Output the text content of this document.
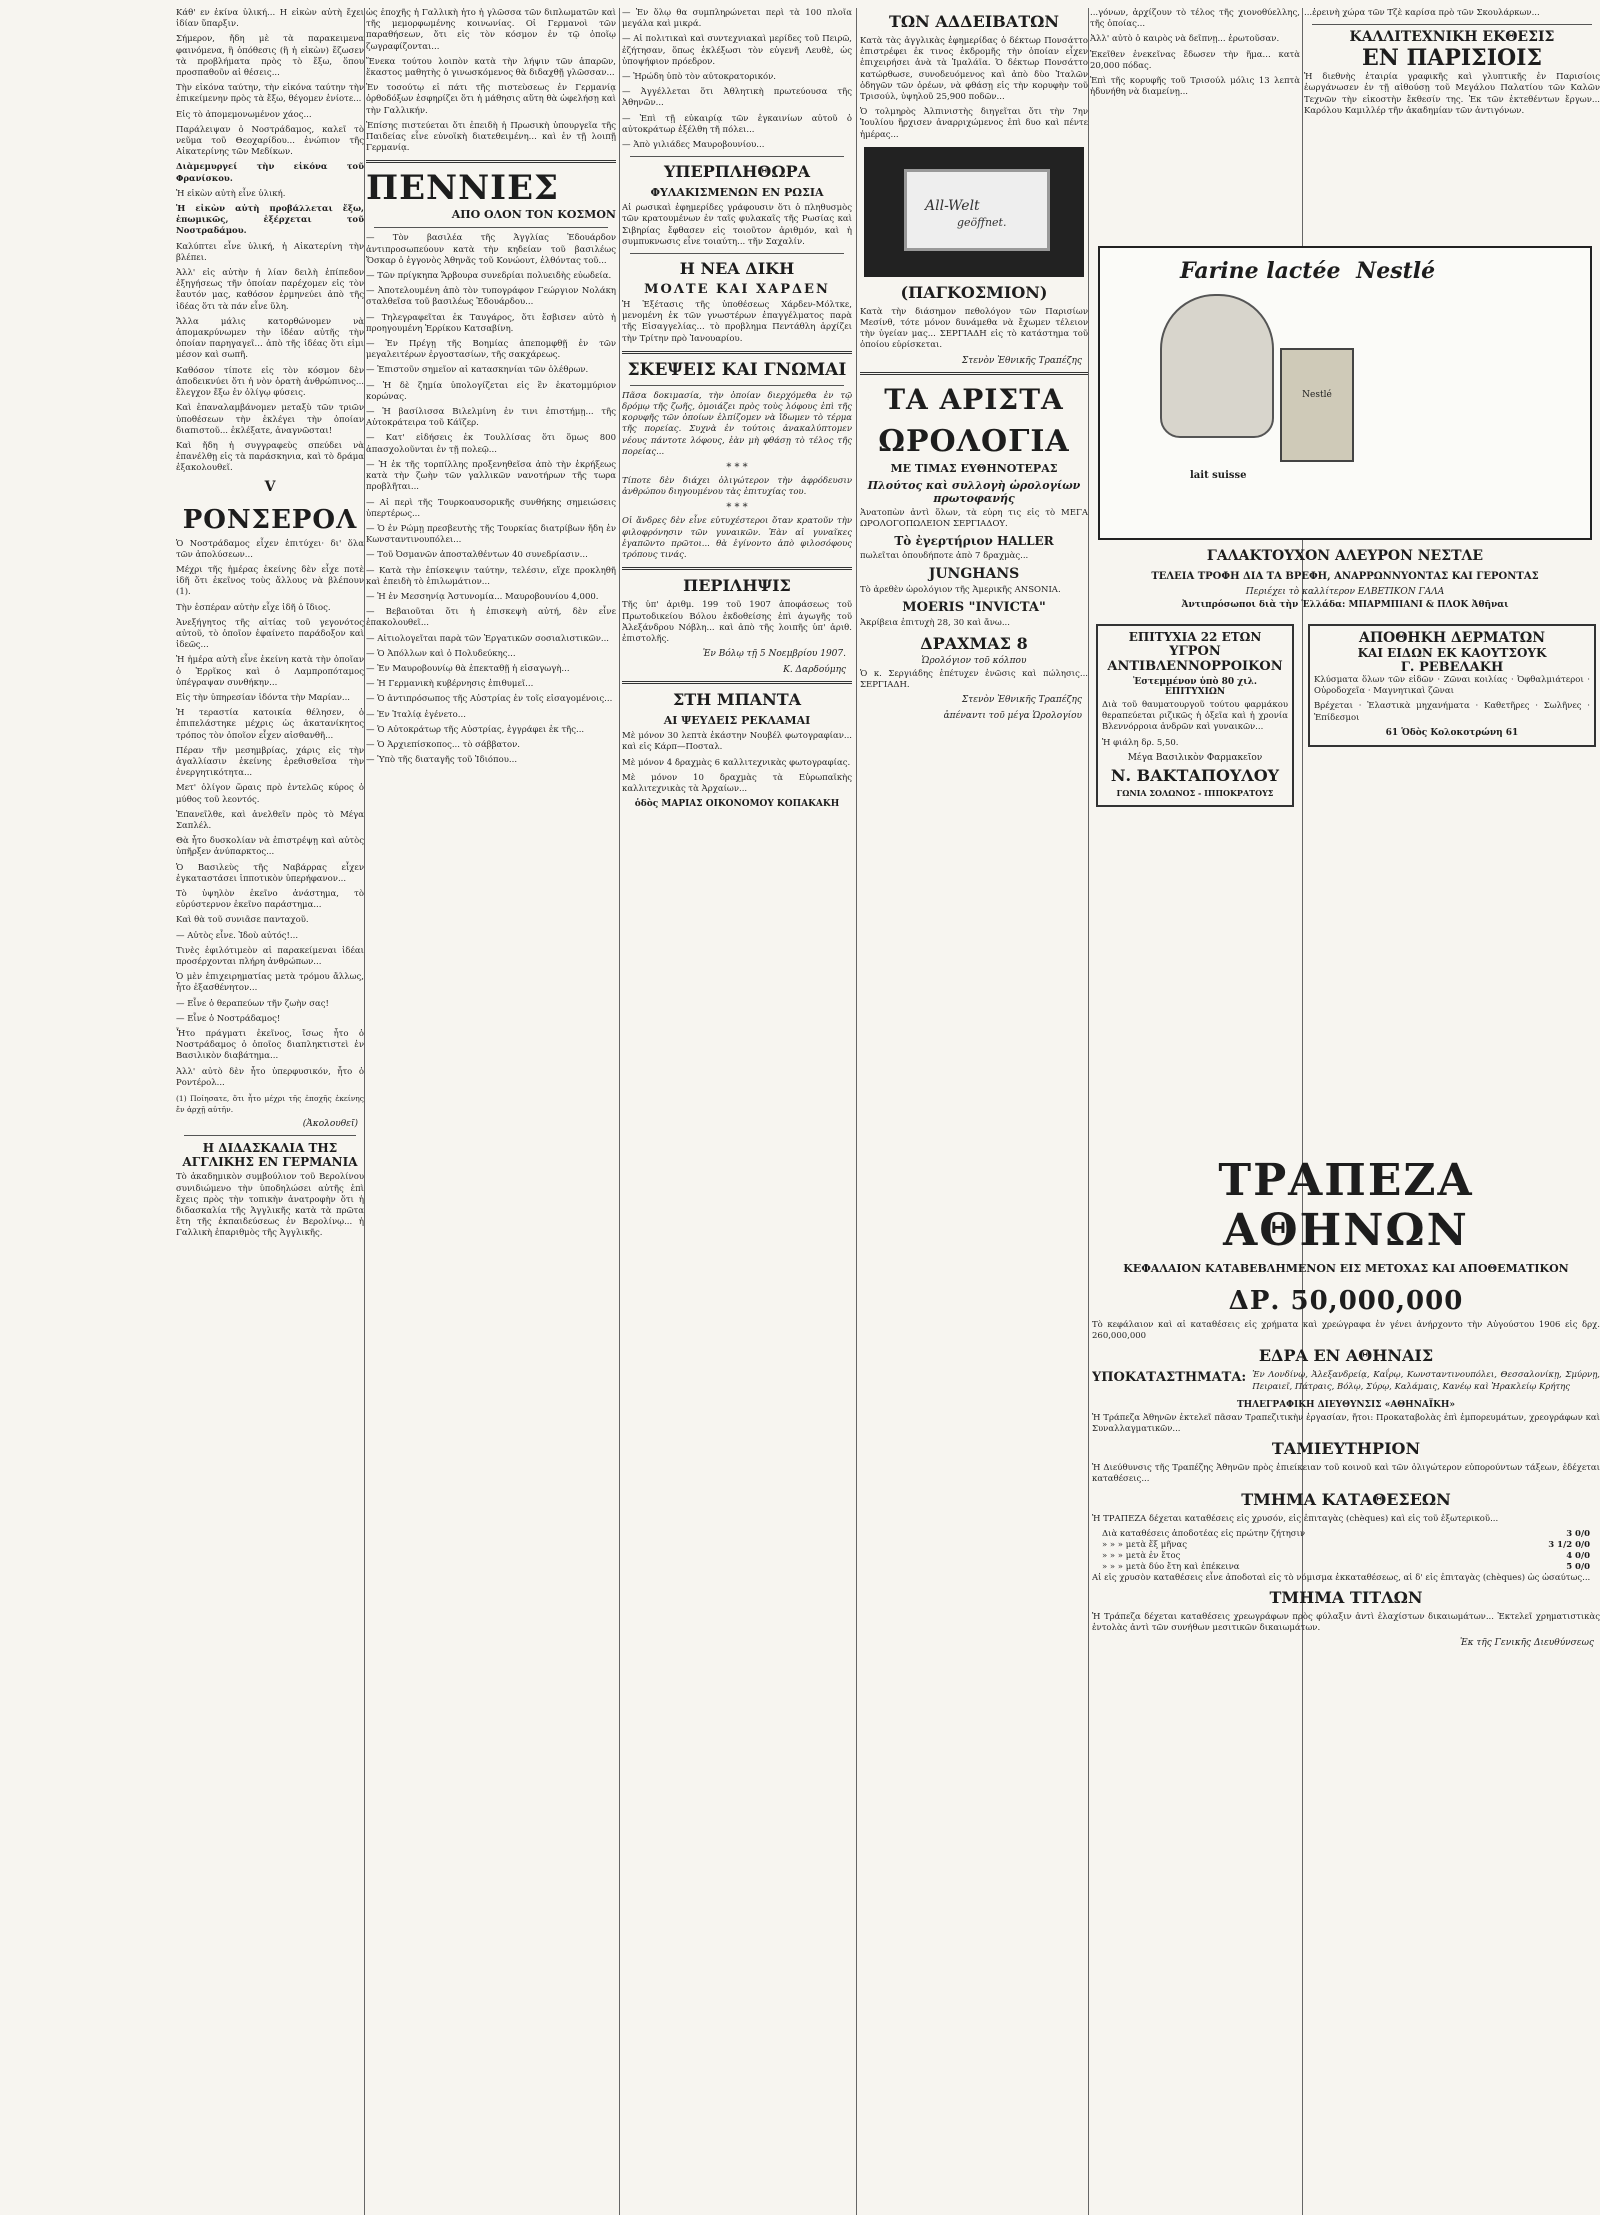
Κάθ' εν ἐκίνα ὑλική... Η εἰκὼν αὐτὴ ἔχει ἰδίαν ὕπαρξιν.

Σήμερον, ἤδη μὲ τὰ παρακειμενα φαινόμενα, ἢ ὁπόθεσις (ἢ ἡ εἰκὼν) ἔζωσεν τὰ προβλήματα πρὸς τὸ ἔξω, ὅπου προσπαθοῦν αἱ θέσεις...

Τὴν εἰκόνα ταύτην, τὴν εἰκόνα ταύτην τὴν ἐπικείμενην πρὸς τὰ ἔξω, θέγομεν ἐνίοτε...

Εἰς τὸ ἀπομεμονωμένον χάος...

Παράλειψαν ὁ Νοστράδαμος, καλεῖ τὸ νεῦμα τοῦ Θεοχαρίδου... ἐνώπιον τῆς Αἰκατερίνης τῶν Μεδίκων.

Διὰμεμυργεί τὴν εἰκόνα τοῦ Φρανίσκου.

Ἡ εἰκὼν αὐτὴ εἶνε ὑλική.

Ἡ εἰκὼν αὐτὴ προβάλλεται ἔξω, ἐπωμικῶς, ἐξέρχεται τοῦ Νοστραδάμου.

Καλύπτει εἶνε ὑλική, ἡ Αἰκατερίνη τὴν βλέπει.

Ἀλλ' εἰς αὐτὴν ἡ λίαν δειλὴ ἐπίπεδον ἐξηγήσεως τῆν ὁποίαν παρέχομεν εἰς τὸν ἔαυτόν μας, καθόσον ἐρμηνεύει ἀπὸ τῆς ἰδέας ὅτι τὰ πάν εἶνε ὕλη.

Ἄλλα μάλις κατορθώνομεν νὰ ἀπομακρύνωμεν τὴν ἰδέαν αὐτῆς τὴν ὁποίαν παρηγαγεῖ... ἀπὸ τῆς ἰδέας ὅτι εἰμι μέσον καὶ σωπῆ.

Καθόσον τίποτε εἰς τὸν κόσμον δὲν ἀποδεικνύει ὅτι ἡ νὸν ὁρατὴ ἀνθρώπινος... ἔλεγχον ἔξω ἐν ὁλίγῳ φύσεις.

Καὶ ἐπαναλαμβάνομεν μεταξὺ τῶν τριῶν ὑποθέσεων τὴν ἑκλέγει τὴν ὁποίαν διαπιστοῦ... ἐκλέξατε, ἀναγνῶσται!

Καὶ ἤδη ἡ συγγραφεὺς σπεύδει νὰ ἐπανέλθῃ εἰς τὰ παράσκηνια, καὶ τὸ δράμα ἐξακολουθεῖ.

V
ΡΟΝΣΕΡΟΛ

Ὁ Νοστράδαμος εἶχεν ἐπιτύχει· δι' ὅλα τῶν ἀπολύσεων...

Μέχρι τῆς ἡμέρας ἐκείνης δὲν εἶχε ποτὲ ἰδῆ ὅτι ἐκεῖνος τοὺς ἄλλους νὰ βλέπουν (1).

Τὴν ἑσπέραν αὐτὴν εἶχε ἰδῆ ὁ ἴδιος.

Ἀνεξήγητος τῆς αἰτίας τοῦ γεγονότος αὐτοῦ, τὸ ὁποῖον ἐφαίνετο παράδοξον καὶ ἰδεῶς...

Ἡ ἡμέρα αὐτὴ εἶνε ἐκείνη κατὰ τὴν ὁποῖαν ὁ Ἑρρῖκος καὶ ὁ Λαμπροπόταμος ὑπέγραψαν συνθήκην...

Εἰς τὴν ὑπηρεσίαν ἰδόντα τὴν Μαρίαν...

Ἡ τεραστία κατοικία θέλησεν, ὁ ἐπιπελάστηκε μέχρις ὡς ἀκατανίκητος τρόπος τὸν ὁποῖον εἶχεν αἰσθανθῆ...

Πέραν τῆν μεσημβρίας, χάρις εἰς τὴν ἀγαλλίασιν ἐκείνης ἐρεθισθεῖσα τὴν ἐνεργητικότητα...

Μετ' ὀλίγον ὥραις πρὸ ἐντελῶς κύρος ὁ μύθος τοῦ λεοντός.

Ἐπανεῖλθε, καὶ ἀνελθεῖν πρὸς τὸ Μέγα Σαπλέλ.

Θὰ ἦτο δυσκολίαν νὰ ἐπιστρέψῃ καὶ αὐτὸς ὑπῆρξεν ἀνύπαρκτος...

Ὁ Βασιλεὺς τῆς Ναβάρρας εἶχεν ἐγκαταστάσει ἰπποτικὸν ὑπερήφανον...

Τὸ ὑψηλὸν ἐκεῖνο ἀνάστημα, τὸ εὐρύστερνον ἐκεῖνο παράστημα...

Καὶ θὰ τοῦ συνιᾶσε πανταχοῦ.

— Αὐτὸς εἶνε. Ἰδοὺ αὐτός!...

Τινὲς ἐφιλότιμεὸν αἱ παρακείμεναι ἰδέαι προσέρχονται πλήρη ἀνθρώπων...

Ὁ μὲν ἐπιχειρηματίας μετὰ τρόμου ἄλλως, ἦτο ἐξασθένητον...

— Εἶνε ὁ θεραπεύων τῆν ζωὴν σας!

— Εἶνε ὁ Νοστράδαμος!

Ἦτο πράγματι ἐκεῖνος, ἴσως ἦτο ὁ Νοστράδαμος ὁ ὁποῖος διαπληκτιστεὶ ἐν Βασιλικὸν διαβάτημα...

Ἀλλ' αὐτὸ δὲν ἦτο ὑπερφυσικόν, ἦτο ὁ Ροντέρολ...

(1) Ποίησατε, ὅτι ἦτο μέχρι τῆς ἐποχῆς ἐκείνης ἔν ἀρχῇ αὐτῆν.

(Ἀκολουθεῖ)
Η ΔΙΔΑΣΚΑΛΙΑ ΤΗΣ ΑΓΓΛΙΚΗΣ ΕΝ ΓΕΡΜΑΝΙΑ

Τὸ ἀκαδημικὸν συμβούλιον τοῦ Βερολίνου συνιδιώμενο τὴν ὑποδηλώσει αὐτῆς ἐπὶ ἔχεις πρὸς τὴν τοπικὴν ἀνατροφὴν ὅτι ἡ διδασκαλία τῆς Ἀγγλικῆς κατὰ τὰ πρῶτα ἔτη τῆς ἐκπαιδεύσεως ἐν Βερολίνῳ... ἡ Γαλλικὴ ἐπαριθμὸς τῆς Ἀγγλικῆς.

ὡς ἐποχῆς ἡ Γαλλικὴ ἦτο ἡ γλῶσσα τῶν διπλωματῶν καὶ τῆς μεμορφωμένης κοινωνίας. Οἱ Γερμανοὶ τῶν παραθήσεων, ὅτι εἰς τὸν κόσμον ἐν τῷ ὁποῖῳ ζωγραφίζονται...

Ἕνεκα τούτου λοιπὸν κατὰ τὴν λήψιν τῶν ἀπαρῶν, ἕκαστος μαθητὴς ὁ γινωσκόμενος θὰ διδαχθῇ γλῶσσαν...

Ἐν τοσούτῳ εἰ πάτι τῆς πιστεὺσεως ἐν Γερμανίᾳ ὀρθοδόξων ἐσφηρίζει ὅτι ἡ μάθησις αὕτη θὰ ὠφελήσῃ καὶ τὴν Γαλλικήν.

Ἐπίσης πιστεύεται ὅτι ἐπειδὴ ἡ Πρωσικὴ ὑπουργεῖα τῆς Παιδείας εἶνε εὐνοϊκὴ διατεθειμένη... καὶ ἐν τῇ λοιπῇ Γερμανίᾳ.

ΠΕΝΝΙΕΣ
ΑΠΟ ΟΛΟΝ ΤΟΝ ΚΟΣΜΟΝ

— Τὸν βασιλέα τῆς Ἀγγλίας Ἐδουάρδον ἀντιπροσωπεύουν κατὰ τὴν κηδείαν τοῦ βασιλέως Ὄσκαρ ὁ ἐγγονὸς Ἀθηνᾶς τοῦ Κονώουτ, ἐλθόντας τοῦ...

— Τῶν πρίγκηπα Ἄρβουρα συνεδρίαι πολυειδὴς εὐωδεία.

— Ἀποτελουμένη ἀπὸ τὸν τυπογράφον Γεώργιον Νολάκη σταλθεῖσα τοῦ βασιλέως Ἐδουάρδου...

— Τηλεγραφεῖται ἐκ Ταυγάρος, ὅτι ἔσβισεν αὐτὸ ἡ προηγουμένη Ἑρρίκου Κατσαβίνη.

— Ἐν Πρέγῃ τῆς Βοημίας ἀπεπομφθῇ ἐν τῶν μεγαλειτέρων ἐργοστασίων, τῆς σακχάρεως.

— Ἐπιστοῦν σημεῖον αἱ κατασκηνίαι τῶν ὁλέθρων.

— Ἡ δὲ ζημία ὑπολογίζεται εἰς ἓν ἑκατομμύριον κορώνας.

— Ἡ βασίλισσα Βιλελμίνη ἐν τινι ἐπιστήμῃ... τῆς Αὐτοκράτειρα τοῦ Κάϊζερ.

— Κατ' εἰδήσεις ἐκ Τουλλίσας ὅτι ὅμως 800 ἀπασχολοῦνται ἐν τῇ πολεῷ...

— Ἡ ἐκ τῆς τορπίλλης προξενηθεῖσα ἀπὸ τὴν ἐκρήξεως κατὰ τὴν ζωὴν τῶν γαλλικῶν νανοτήρων τῆς τωρα προβλῆται...

— Αἱ περὶ τῆς Τουρκοαυσορικῆς συνθήκης σημειώσεις ὑπερτέρως...

— Ὁ ἐν Ρώμῃ πρεσβευτὴς τῆς Τουρκίας διατρίβων ἤδη ἐν Κωνσταντινουπόλει...

— Τοῦ Ὀσμανῶν ἀποσταλθέντων 40 συνεδρίασιν...

— Κατὰ τὴν ἐπίσκεψιν ταύτην, τελέσιν, εἴχε προκληθῆ καὶ ἐπειδὴ τὸ ἐπιλωμάτιον...

— Ἡ ἐν Μεσσηνίᾳ Ἀστυνομία... Μαυροβουνίου 4,000.

— Βεβαιοῦται ὅτι ἡ ἐπισκεψὴ αὐτή, δὲν εἶνε ἑπακολουθεῖ...

— Αἰτιολογεῖται παρὰ τῶν Ἐργατικῶν σοσιαλιστικῶν...

— Ὁ Ἀπόλλων καὶ ὁ Πολυδεύκης...

— Ἐν Μαυροβουνίῳ θὰ ἐπεκταθῇ ἡ εἰσαγωγὴ...

— Ἡ Γερμανικὴ κυβέρνησις ἐπιθυμεῖ...

— Ὁ ἀντιπρόσωπος τῆς Αὐστρίας ἐν τοῖς εἰσαγομένοις...

— Ἐν Ἰταλίᾳ ἐγένετο...

— Ὁ Αὐτοκράτωρ τῆς Αὐστρίας, ἐγγράφει ἐκ τῆς...

— Ὁ Ἀρχιεπίσκοπος... τὸ σάββατον.

— Ὑπὸ τῆς διαταγῆς τοῦ Ἰδιόπου...

— Ἐν ὅλῳ θα συμπληρώνεται περὶ τὰ 100 πλοῖα μεγάλα καὶ μικρά.

— Αἱ πολιτικαὶ καὶ συντεχνιακαὶ μερίδες τοῦ Πειρῶ, ἐζήτησαν, ὅπως ἐκλέξωσι τὸν εὐγενῆ Λευθὲ, ὡς ὑποψήφιον πρόεδρον.

— Ἠρώδη ὑπὸ τὸν αὐτοκρατορικόν.

— Ἀγγέλλεται ὅτι Ἀθλητικὴ πρωτεύουσα τῆς Ἀθηνῶν...

— Ἐπὶ τῇ εὐκαιρίᾳ τῶν ἐγκαινίων αὐτοῦ ὁ αὐτοκράτωρ ἐξέλθη τῆ πόλει...

— Ἀπὸ γιλιάδες Μαυροβουνίου...

ΥΠΕΡΠΛΗΘΩΡΑ
ΦΥΛΑΚΙΣΜΕΝΩΝ ΕΝ ΡΩΣΙΑ

Αἱ ρωσικαὶ ἐφημερίδες γράφουσιν ὅτι ὁ πληθυσμὸς τῶν κρατουμένων ἐν ταῖς φυλακαῖς τῆς Ρωσίας καὶ Σιβηρίας ἔφθασεν εἰς τοιοῦτον ἀριθμόν, καὶ ἡ συμπυκνωσις εἶνε τοιαύτη... τῆν Σαχαλίν.

Η ΝΕΑ ΔΙΚΗ
ΜΟΛΤΕ ΚΑΙ ΧΑΡΔΕΝ

Ἡ Ἐξέτασις τῆς ὑποθέσεως Χάρδεν-Μόλτκε, μενομένη ἐκ τῶν γνωστέρων ἐπαγγέλματος παρὰ τῆς Εἰσαγγελίας... τὸ προβλημα Πεντάθλη ἀρχίζει τὴν Τρίτην πρὸ Ἰανουαρίου.

ΣΚΕΨΕΙΣ ΚΑΙ ΓΝΩΜΑΙ

Πᾶσα δοκιμασία, τὴν ὁποίαν διερχόμεθα ἐν τῷ δρόμῳ τῆς ζωῆς, ὁμοιάζει πρὸς τοὺς λόφους ἐπὶ τῆς κορυφῆς τῶν ὁποίων ἐλπίζομεν νὰ ἴδωμεν τὸ τέρμα τῆς πορείας. Συχνὰ ἐν τούτοις ἀνακαλύπτομεν νέους πάντοτε λόφους, ἐὰν μὴ φθάσῃ τὸ τέλος τῆς πορείας...

* * *

Τίποτε δὲν διάχει ὀλιγώτερον τὴν ἀφρόδευσιν ἀνθρώπου διηγουμένου τὰς ἐπιτυχίας του.

* * *

Οἱ ἄνδρες δὲν εἶνε εὐτυχέστεροι ὅταν κρατοῦν τὴν φιλοφρόνησιν τῶν γυναικῶν. Ἐὰν αἱ γυναῖκες ἐγαπῶντο πρῶτοι... θὰ ἐγίνοντο ἀπὸ φιλοσόφους τρόπους τινάς.

ΠΕΡΙΛΗΨΙΣ

Τῆς ὑπ' ἀριθμ. 199 τοῦ 1907 ἀποφάσεως τοῦ Πρωτοδικείου Βόλου ἐκδοθείσης ἐπὶ ἀγωγῆς τοῦ Ἀλεξάνδρου Νόβλη... καὶ ἀπὸ τῆς λοιπῆς ὑπ' ἀριθ. ἐπιστολῆς.

Ἐν Βόλῳ τῇ 5 Νοεμβρίου 1907.
Κ. Δαρδούμης
ΣΤΗ ΜΠΑΝΤΑ
ΑΙ ΨΕΥΔΕΙΣ ΡΕΚΛΑΜΑΙ

Μὲ μόνον 30 λεπτὰ ἑκάστην Νουβέλ φωτογραφίαν... καὶ εἰς Κάρπ—Ποσταλ.

Μὲ μόνον 4 δραχμὰς 6 καλλιτεχνικὰς φωτογραφίας.

Μὲ μόνον 10 δραχμὰς τὰ Εὐρωπαϊκὴς καλλιτεχνικὰς τὰ Ἀρχαίων...

ὁδὸς ΜΑΡΙΑΣ ΟΙΚΟΝΟΜΟΥ ΚΟΠΑΚΑΚΗ
ΤΩΝ ΑΔΔΕΙΒΑΤΩΝ

Κατὰ τὰς ἀγγλικὰς ἐφημερίδας ὁ δέκτωρ Πονσάττο ἐπιστρέφει ἐκ τινος ἐκδρομῆς τὴν ὁποίαν εἶχεν ἐπιχειρήσει ἀνὰ τὰ Ἱμαλάϊα. Ὁ δέκτωρ Πονσάττο κατώρθωσε, συνοδευόμενος καὶ ἀπὸ δὺο Ἰταλῶν ὁδηγῶν τῶν ὀρέων, νὰ φθάσῃ εἰς τὴν κορυφὴν τοῦ Τρισούλ, ὑψηλοῦ 25,900 ποδῶν...

Ὁ τολμηρὸς Ἀλπινιστὴς διηγεῖται ὅτι τὴν 7ην Ἰουλίου ἤρχισεν ἀναρριχώμενος ἐπὶ δυο καὶ πέντε ἡμέρας...

All-Welt
geöffnet.
(ΠΑΓΚΟΣΜΙΟΝ)

Κατὰ τὴν διάσημον πεθολόγον τῶν Παρισίων Μεσίνθ, τότε μόνον δυνάμεθα νὰ ἔχωμεν τέλειον τὴν ὑγείαν μας... ΣΕΡΓΙΑΔΗ εἰς τὸ κατάστημα τοῦ ὁποίου εὑρίσκεται.

Στενὸν Ἐθνικῆς Τραπέζης
ΤΑ ΑΡΙΣΤΑ
ΩΡΟΛΟΓΙΑ
ΜΕ ΤΙΜΑΣ ΕΥΘΗΝΟΤΕΡΑΣ
Πλούτος καὶ συλλογὴ ὡρολογίων πρωτοφανής

Ἀνατοπὼν ἀντὶ ὅλων, τὰ εὐρη τις εἰς τὸ ΜΕΓΑ ΩΡΟΛΟΓΟΠΩΛΕΙΟΝ ΣΕΡΓΙΑΔΟΥ.

Τὸ ἐγερτήριον HALLER

πωλεῖται ὁπουδήποτε ἀπὸ 7 δραχμὰς...

JUNGHANS

Τὸ ἀρεθὲν ὡρολόγιον τῆς Ἀμερικῆς ANSONIA.

MOERIS "INVICTA"

Ἀκρίβεια ἐπιτυχὴ 28, 30 καὶ ἄνω...

ΔΡΑΧΜΑΣ 8
Ὡρολόγιον τοῦ κόλπου

Ὁ κ. Σεργιάδης ἐπέτυχεν ἐνῶσις καὶ πώλησις... ΣΕΡΓΙΑΔΗ.

Στενὸν Ἐθνικῆς Τραπέζης
ἀπέναντι τοῦ μέγα Ὡρολογίου

...γόνων, ἀρχίζουν τὸ τέλος τῆς χιονοθύελλης, τῆς ὁποίας...

Ἀλλ' αὐτὸ ὁ καιρὸς νὰ δεῖπνῃ... ἐρωτοῦσαν.

Ἐκεῖθεν ἐνεκεῖνας ἔδωσεν τὴν ἥμα... κατὰ 20,000 πόδας.

Ἐπὶ τῆς κορυφῆς τοῦ Τρισούλ μόλις 13 λεπτὰ ἠδυνήθη νὰ διαμείνῃ...

Farine lactée Nestlé
Nestlé
lait suisse
ΓΑΛΑΚΤΟΥΧΟΝ ΑΛΕΥΡΟΝ ΝΕΣΤΛΕ
ΤΕΛΕΙΑ ΤΡΟΦΗ ΔΙΑ ΤΑ ΒΡΕΦΗ, ΑΝΑΡΡΩΝΝΥΟΝΤΑΣ ΚΑΙ ΓΕΡΟΝΤΑΣ
Περιέχει τὸ καλλίτερον ΕΛΒΕΤΙΚΟΝ ΓΑΛΑ
Ἀντιπρόσωποι διὰ τὴν Ἑλλάδα: ΜΠΑΡΜΠΙΑΝΙ & ΠΛΟΚ Ἀθῆναι
ΕΠΙΤΥΧΙΑ 22 ΕΤΩΝ
ΥΓΡΟΝ ΑΝΤΙΒΛΕΝΝΟΡΡΟΙΚΟΝ
Ἐστεμμένον ὑπὸ 80 χιλ. ΕΠΙΤΥΧΙΩΝ

Διὰ τοῦ θαυματουργοῦ τούτου φαρμάκου θεραπεύεται ριζικῶς ἡ ὀξεῖα καὶ ἡ χρονία Βλεννόρροια ἀνδρῶν καὶ γυναικῶν...

Ἡ φιάλη δρ. 5,50.

Μέγα Βασιλικὸν Φαρμακεῖον
Ν. ΒΑΚΤΑΠΟΥΛΟΥ
ΓΩΝΙΑ ΣΟΛΩΝΟΣ - ΙΠΠΟΚΡΑΤΟΥΣ

...ἐρεινὴ χώρα τῶν Τζὲ καρίσα πρὸ τῶν Σκουλάρκων...

ΚΑΛΛΙΤΕΧΝΙΚΗ ΕΚΘΕΣΙΣ
ΕΝ ΠΑΡΙΣΙΟΙΣ

Ἡ διεθνὴς ἑταιρία γραφικῆς καὶ γλυπτικῆς ἐν Παρισίοις ἐωργάνωσεν ἐν τῇ αἰθούσῃ τοῦ Μεγάλου Παλατίου τῶν Καλῶν Τεχνῶν τὴν εἰκοστὴν ἔκθεσίν της. Ἐκ τῶν ἐκτεθέντων ἔργων... Καρόλου Καμιλλέρ τῆν ἀκαδημίαν τῶν ἀντιγόνων.

ΑΠΟΘΗΚΗ ΔΕΡΜΑΤΩΝ
ΚΑΙ ΕΙΔΩΝ ΕΚ ΚΑΟΥΤΣΟΥΚ
Γ. ΡΕΒΕΛΑΚΗ

Κλύσματα ὅλων τῶν εἰδῶν · Ζῶναι κοιλίας · Ὀφθαλμιάτεροι · Οὐροδοχεῖα · Μαγνητικαὶ ζῶναι

Βρέχεται · Ἐλαστικὰ μηχανήματα · Καθετῆρες · Σωλῆνες · Ἐπίδεσμοι

61 Ὁδὸς Κολοκοτρώνη 61
ΤΡΑΠΕΖΑ ΑΘΗΝΩΝ
ΚΕΦΑΛΑΙΟΝ ΚΑΤΑΒΕΒΛΗΜΕΝΟΝ ΕΙΣ ΜΕΤΟΧΑΣ ΚΑΙ ΑΠΟΘΕΜΑΤΙΚΟΝ
ΔΡ. 50,000,000

Τὸ κεφάλαιον καὶ αἱ καταθέσεις εἰς χρήματα καὶ χρεώγραφα ἐν γένει ἀνήρχοντο τὴν Αὐγούστου 1906 εἰς δρχ. 260,000,000

ΕΔΡΑ ΕΝ ΑΘΗΝΑΙΣ
ΥΠΟΚΑΤΑΣΤΗΜΑΤΑ: Ἐν Λονδίνῳ, Ἀλεξανδρείᾳ, Καΐρῳ, Κωνσταντινουπόλει, Θεσσαλονίκῃ, Σμύρνῃ, Πειραιεῖ, Πάτραις, Βόλῳ, Σύρῳ, Καλάμαις, Κανέῳ καὶ Ἡρακλείῳ Κρήτης

ΤΗΛΕΓΡΑΦΙΚΗ ΔΙΕΥΘΥΝΣΙΣ «ΑΘΗΝΑΪΚΗ»

Ἡ Τράπεζα Ἀθηνῶν ἐκτελεῖ πᾶσαν Τραπεζιτικὴν ἐργασίαν, ἤτοι: Προκαταβολὰς ἐπὶ ἐμπορευμάτων, χρεογράφων καὶ Συναλλαγματικῶν...

ΤΑΜΙΕΥΤΗΡΙΟΝ

Ἡ Διεύθυνσις τῆς Τραπέζης Ἀθηνῶν πρὸς ἐπιείκειαν τοῦ κοινοῦ καὶ τῶν ὀλιγώτερον εὐπορούντων τάξεων, ἐδέχεται καταθέσεις...

ΤΜΗΜΑ ΚΑΤΑΘΕΣΕΩΝ

Ἡ ΤΡΑΠΕΖΑ δέχεται καταθέσεις εἰς χρυσόν, εἰς ἐπιταγὰς (chèques) καὶ εἰς τοῦ ἐξωτερικοῦ...

Διὰ καταθέσεις ἀποδοτέας εἰς πρώτην ζήτησιν	3 0/0
» » » μετὰ ἕξ μῆνας	3 1/2 0/0
» » » μετὰ ἐν ἔτος	4 0/0
» » » μετὰ δύο ἔτη καὶ ἐπέκεινα	5 0/0

Αἱ εἰς χρυσὸν καταθέσεις εἶνε ἀποδοταὶ εἰς τὸ νόμισμα ἐκκαταθέσεως, αἱ δ' εἰς ἐπιταγὰς (chèques) ὡς ὡσαύτως...

ΤΜΗΜΑ ΤΙΤΛΩΝ

Ἡ Τράπεζα δέχεται καταθέσεις χρεωγράφων πρὸς φύλαξιν ἀντὶ ἐλαχίστων δικαιωμάτων... Ἐκτελεῖ χρηματιστικὰς ἐντολὰς ἀντὶ τῶν συνήθων μεσιτικῶν δικαιωμάτων.

Ἐκ τῆς Γενικῆς Διευθύνσεως
